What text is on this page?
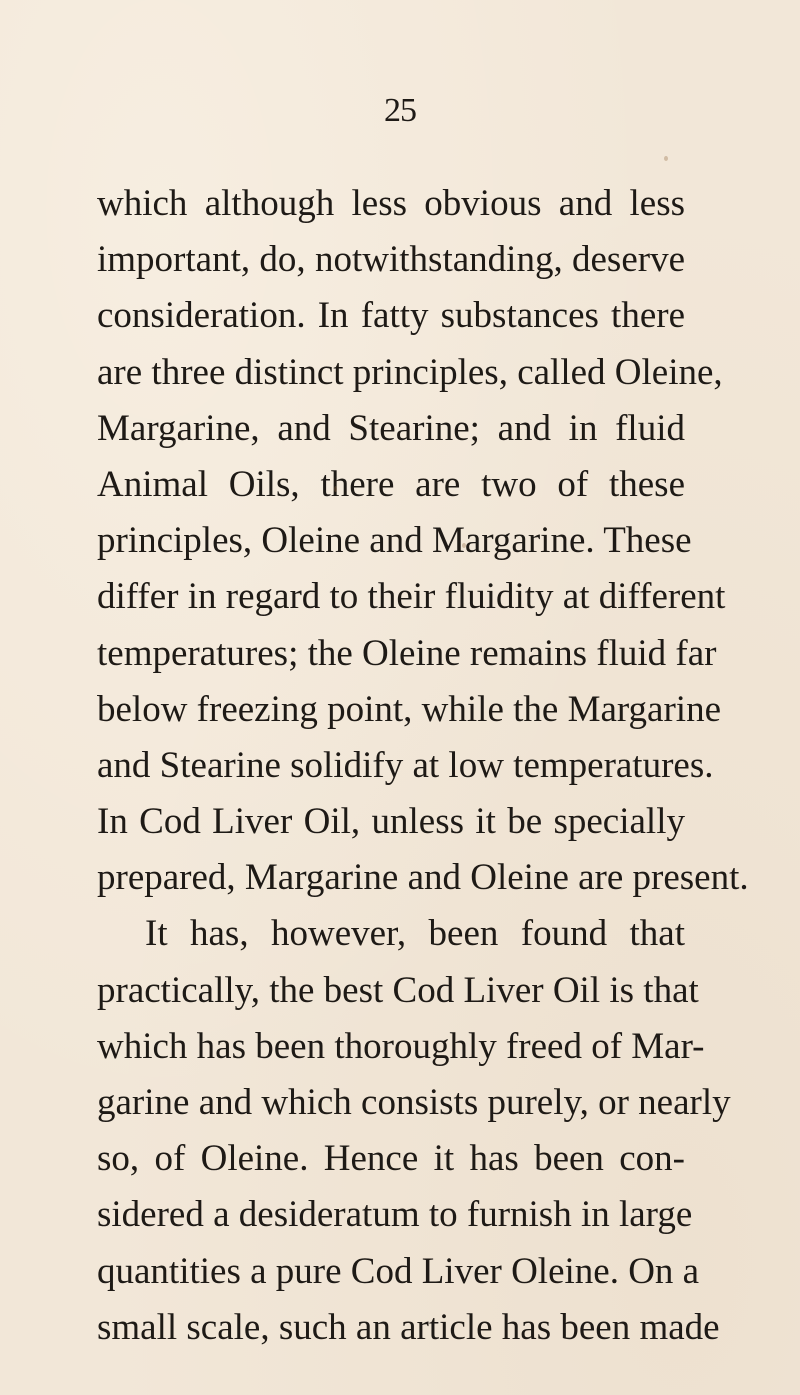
25
which although less obvious and less
important, do, notwithstanding, deserve
consideration. In fatty substances there
are three distinct principles, called Oleine,
Margarine, and Stearine; and in fluid
Animal Oils, there are two of these
principles, Oleine and Margarine. These
differ in regard to their fluidity at different
temperatures; the Oleine remains fluid far
below freezing point, while the Margarine
and Stearine solidify at low temperatures.
In Cod Liver Oil, unless it be specially
prepared, Margarine and Oleine are present.
It has, however, been found that
practically, the best Cod Liver Oil is that
which has been thoroughly freed of Mar-
garine and which consists purely, or nearly
so, of Oleine. Hence it has been con-
sidered a desideratum to furnish in large
quantities a pure Cod Liver Oleine. On a
small scale, such an article has been made
